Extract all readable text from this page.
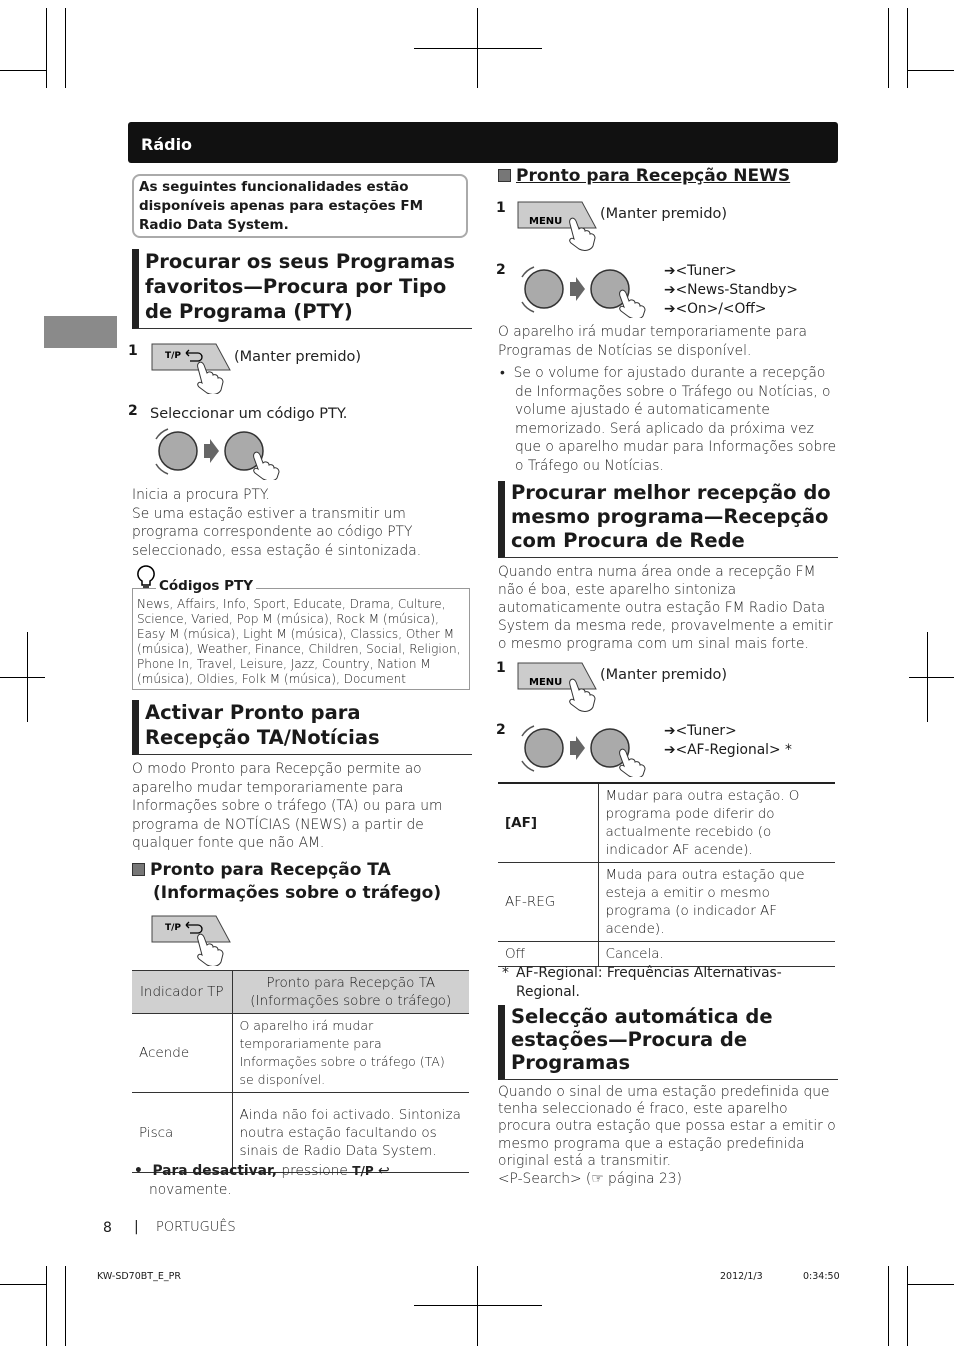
Rádio
As seguintes funcionalidades estão disponíveis apenas para estações FM Radio Data System.
Procurar os seus Programas favoritos—Procura por Tipo de Programa (PTY)
1	T/P	(Manter premido)
2 Seleccionar um código PTY.
Inicia a procura PTY.
Se uma estação estiver a transmitir um programa correspondente ao código PTY seleccionado, essa estação é sintonizada.
News, Affairs, Info, Sport, Educate, Drama, Culture, Science, Varied, Pop M (música), Rock M (música), Easy M (música), Light M (música), Classics, Other M (música), Weather, Finance, Children, Social, Religion, Phone In, Travel, Leisure, Jazz, Country, Nation M (música), Oldies, Folk M (música), Document
Códigos PTY
Activar Pronto para Recepção TA/Notícias
O modo Pronto para Recepção permite ao aparelho mudar temporariamente para Informações sobre o tráfego (TA) ou para um programa de NOTÍCIAS (NEWS) a partir de qualquer fonte que não AM.
Pronto para Recepção TA (Informações sobre o tráfego)
T/P
Indicador TP	Pronto para Recepção TA (Informações sobre o tráfego)
Acende	O aparelho irá mudar temporariamente para Informações sobre o tráfego (TA) se disponível.
Pisca	Ainda não foi activado. Sintoniza noutra estação facultando os sinais de Radio Data System.
•  Para desactivar, pressione T/P ↩
novamente.
Pronto para Recepção NEWS
1
MENU	(Manter premido)
2	➔<Tuner>
➔<News-Standby>
➔<On>/<Off>
O aparelho irá mudar temporariamente para Programas de Notícias se disponível.
•  Se o volume for ajustado durante a recepção de Informações sobre o Tráfego ou Notícias, o volume ajustado é automaticamente memorizado. Será aplicado da próxima vez que o aparelho mudar para Informações sobre o Tráfego ou Notícias.
Procurar melhor recepção do mesmo programa—Recepção com Procura de Rede
Quando entra numa área onde a recepção FM não é boa, este aparelho sintoniza automaticamente outra estação FM Radio Data System da mesma rede, provavelmente a emitir o mesmo programa com um sinal mais forte.
1
MENU	(Manter premido)
2	➔<Tuner>
➔<AF-Regional> *
[AF]	Mudar para outra estação. O programa pode diferir do actualmente recebido (o indicador AF acende).
AF-REG	Muda para outra estação que esteja a emitir o mesmo programa (o indicador AF acende).
Off	Cancela.
* AF-Regional: Frequências Alternativas-Regional.
Selecção automática de estações—Procura de Programas
Quando o sinal de uma estação predefinida que tenha seleccionado é fraco, este aparelho procura outra estação que possa estar a emitir o mesmo programa que a estação predefinida original está a transmitir.
<P-Search> (☞ página 23)
8 | PORTUGUÊS
KW-SD70BT_E_PR	2012/1/3	0:34:50
